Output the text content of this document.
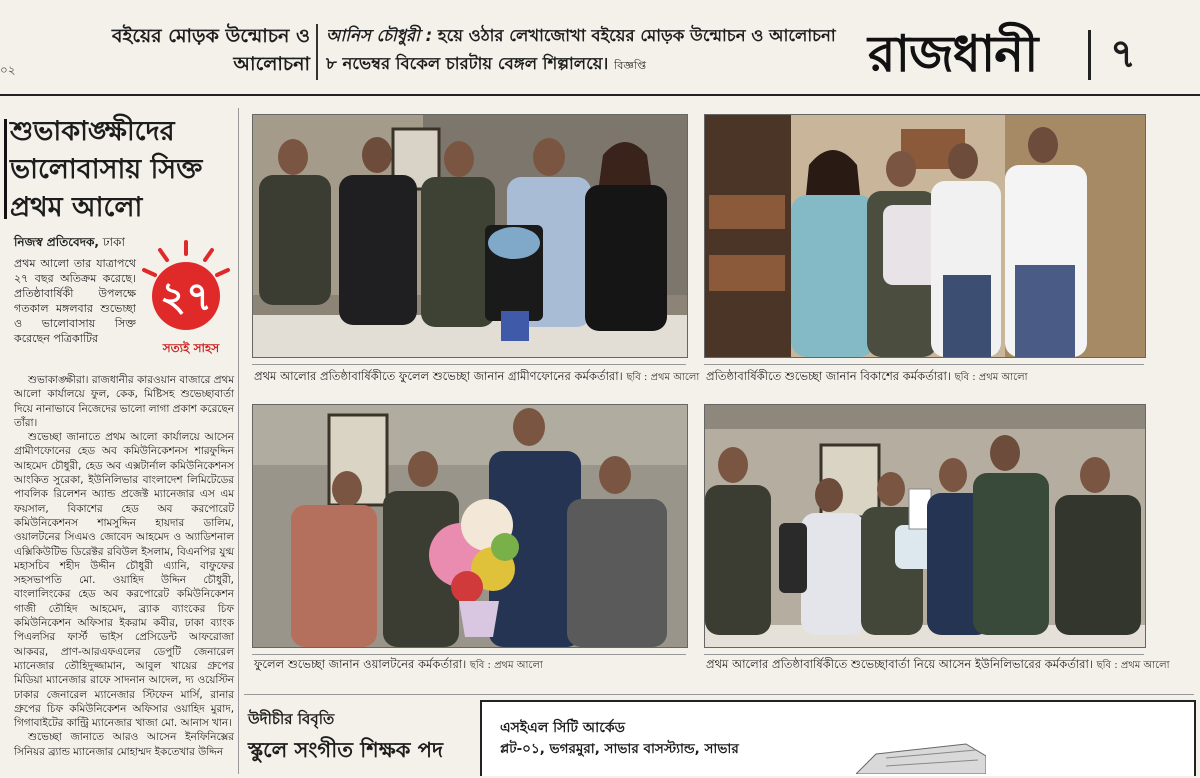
০২
বইয়ের মোড়ক উন্মোচন ও আলোচনা
আনিস চৌধুরী : হয়ে ওঠার লেখাজোখা বইয়ের মোড়ক উন্মোচন ও আলোচনা ৮ নভেম্বর বিকেল চারটায় বেঙ্গল শিল্পালয়ে। বিজ্ঞপ্তি	রাজধানী	৭
শুভাকাঙ্ক্ষীদের ভালোবাসায় সিক্ত প্রথম আলো
নিজস্ব প্রতিবেদক, ঢাকা
প্রথম আলো তার যাত্রাপথে ২৭ বছর অতিক্রম করেছে। প্রতিষ্ঠাবার্ষিকী উপলক্ষে গতকাল মঙ্গলবার শুভেচ্ছা ও ভালোবাসায় সিক্ত করেছেন পত্রিকাটির
২৭
সত্যই সাহস

শুভাকাঙ্ক্ষীরা। রাজধানীর কারওয়ান বাজারে প্রথম আলো কার্যালয়ে ফুল, কেক, মিষ্টিসহ শুভেচ্ছাবার্তা দিয়ে নানাভাবে নিজেদের ভালো লাগা প্রকাশ করেছেন তাঁরা।

শুভেচ্ছা জানাতে প্রথম আলো কার্যালয়ে আসেন গ্রামীণফোনের হেড অব কমিউনিকেশনস শারফুদ্দিন আহমেদ চৌধুরী, হেড অব এক্সটার্নাল কমিউনিকেশনস আংকিত সুরেকা, ইউনিলিভার বাংলাদেশ লিমিটেডের পাবলিক রিলেশন অ্যান্ড প্রজেক্ট ম্যানেজার এস এম ফয়সাল, বিকাশের হেড অব করপোরেট কমিউনিকেশনস শামসুদ্দিন হায়দার ডালিম, ওয়ালটনের সিএমও জোবেদ আহমেদ ও অ্যাডিশনাল এক্সিকিউটিভ ডিরেক্টর রবিউল ইসলাম, বিএনপির যুগ্ম মহাসচিব শহীদ উদ্দীন চৌধুরী এ্যানি, বাফুফের সহসভাপতি মো. ওয়াহিদ উদ্দিন চৌধুরী, বাংলালিংকের হেড অব করপোরেট কমিউনিকেশন গাজী তৌহিদ আহমেদ, ব্র্যাক ব্যাংকের চিফ কমিউনিকেশন অফিসার ইকরাম কবীর, ঢাকা ব্যাংক পিএলসির ফার্স্ট ভাইস প্রেসিডেন্ট আফরোজা আকবর, প্রাণ-আরএফএলের ডেপুটি জেনারেল ম্যানেজার তৌহিদুজ্জামান, আবুল খায়ের গ্রুপের মিডিয়া ম্যানেজার রাফে সাদনান আদেল, দ্য ওয়েস্টিন ঢাকার জেনারেল ম্যানেজার স্টিফেন মার্সি, রানার গ্রুপের চিফ কমিউনিকেশন অফিসার ওয়াহিদ মুরাদ, গিগাবাইটের কান্ট্রি ম্যানেজার খাজা মো. আনাস খান।

শুভেচ্ছা জানাতে আরও আসেন ইনফিনিক্সের সিনিয়র ব্র্যান্ড ম্যানেজার মোহাম্মদ ইকতেখার উদ্দিন

প্রথম আলোর প্রতিষ্ঠাবার্ষিকীতে ফুলেল শুভেচ্ছা জানান গ্রামীণফোনের কর্মকর্তারা। ছবি : প্রথম আলো প্রতিষ্ঠাবার্ষিকীতে শুভেচ্ছা জানান বিকাশের কর্মকর্তারা। ছবি : প্রথম আলো
ফুলেল শুভেচ্ছা জানান ওয়ালটনের কর্মকর্তারা। ছবি : প্রথম আলো	প্রথম আলোর প্রতিষ্ঠাবার্ষিকীতে শুভেচ্ছাবার্তা নিয়ে আসেন ইউনিলিভারের কর্মকর্তারা। ছবি : প্রথম আলো
উদীচীর বিবৃতি
স্কুলে সংগীত শিক্ষক পদ
এসইএল সিটি আর্কেড
প্লট-০১, ভগরমুরা, সাভার বাসস্ট্যান্ড, সাভার
